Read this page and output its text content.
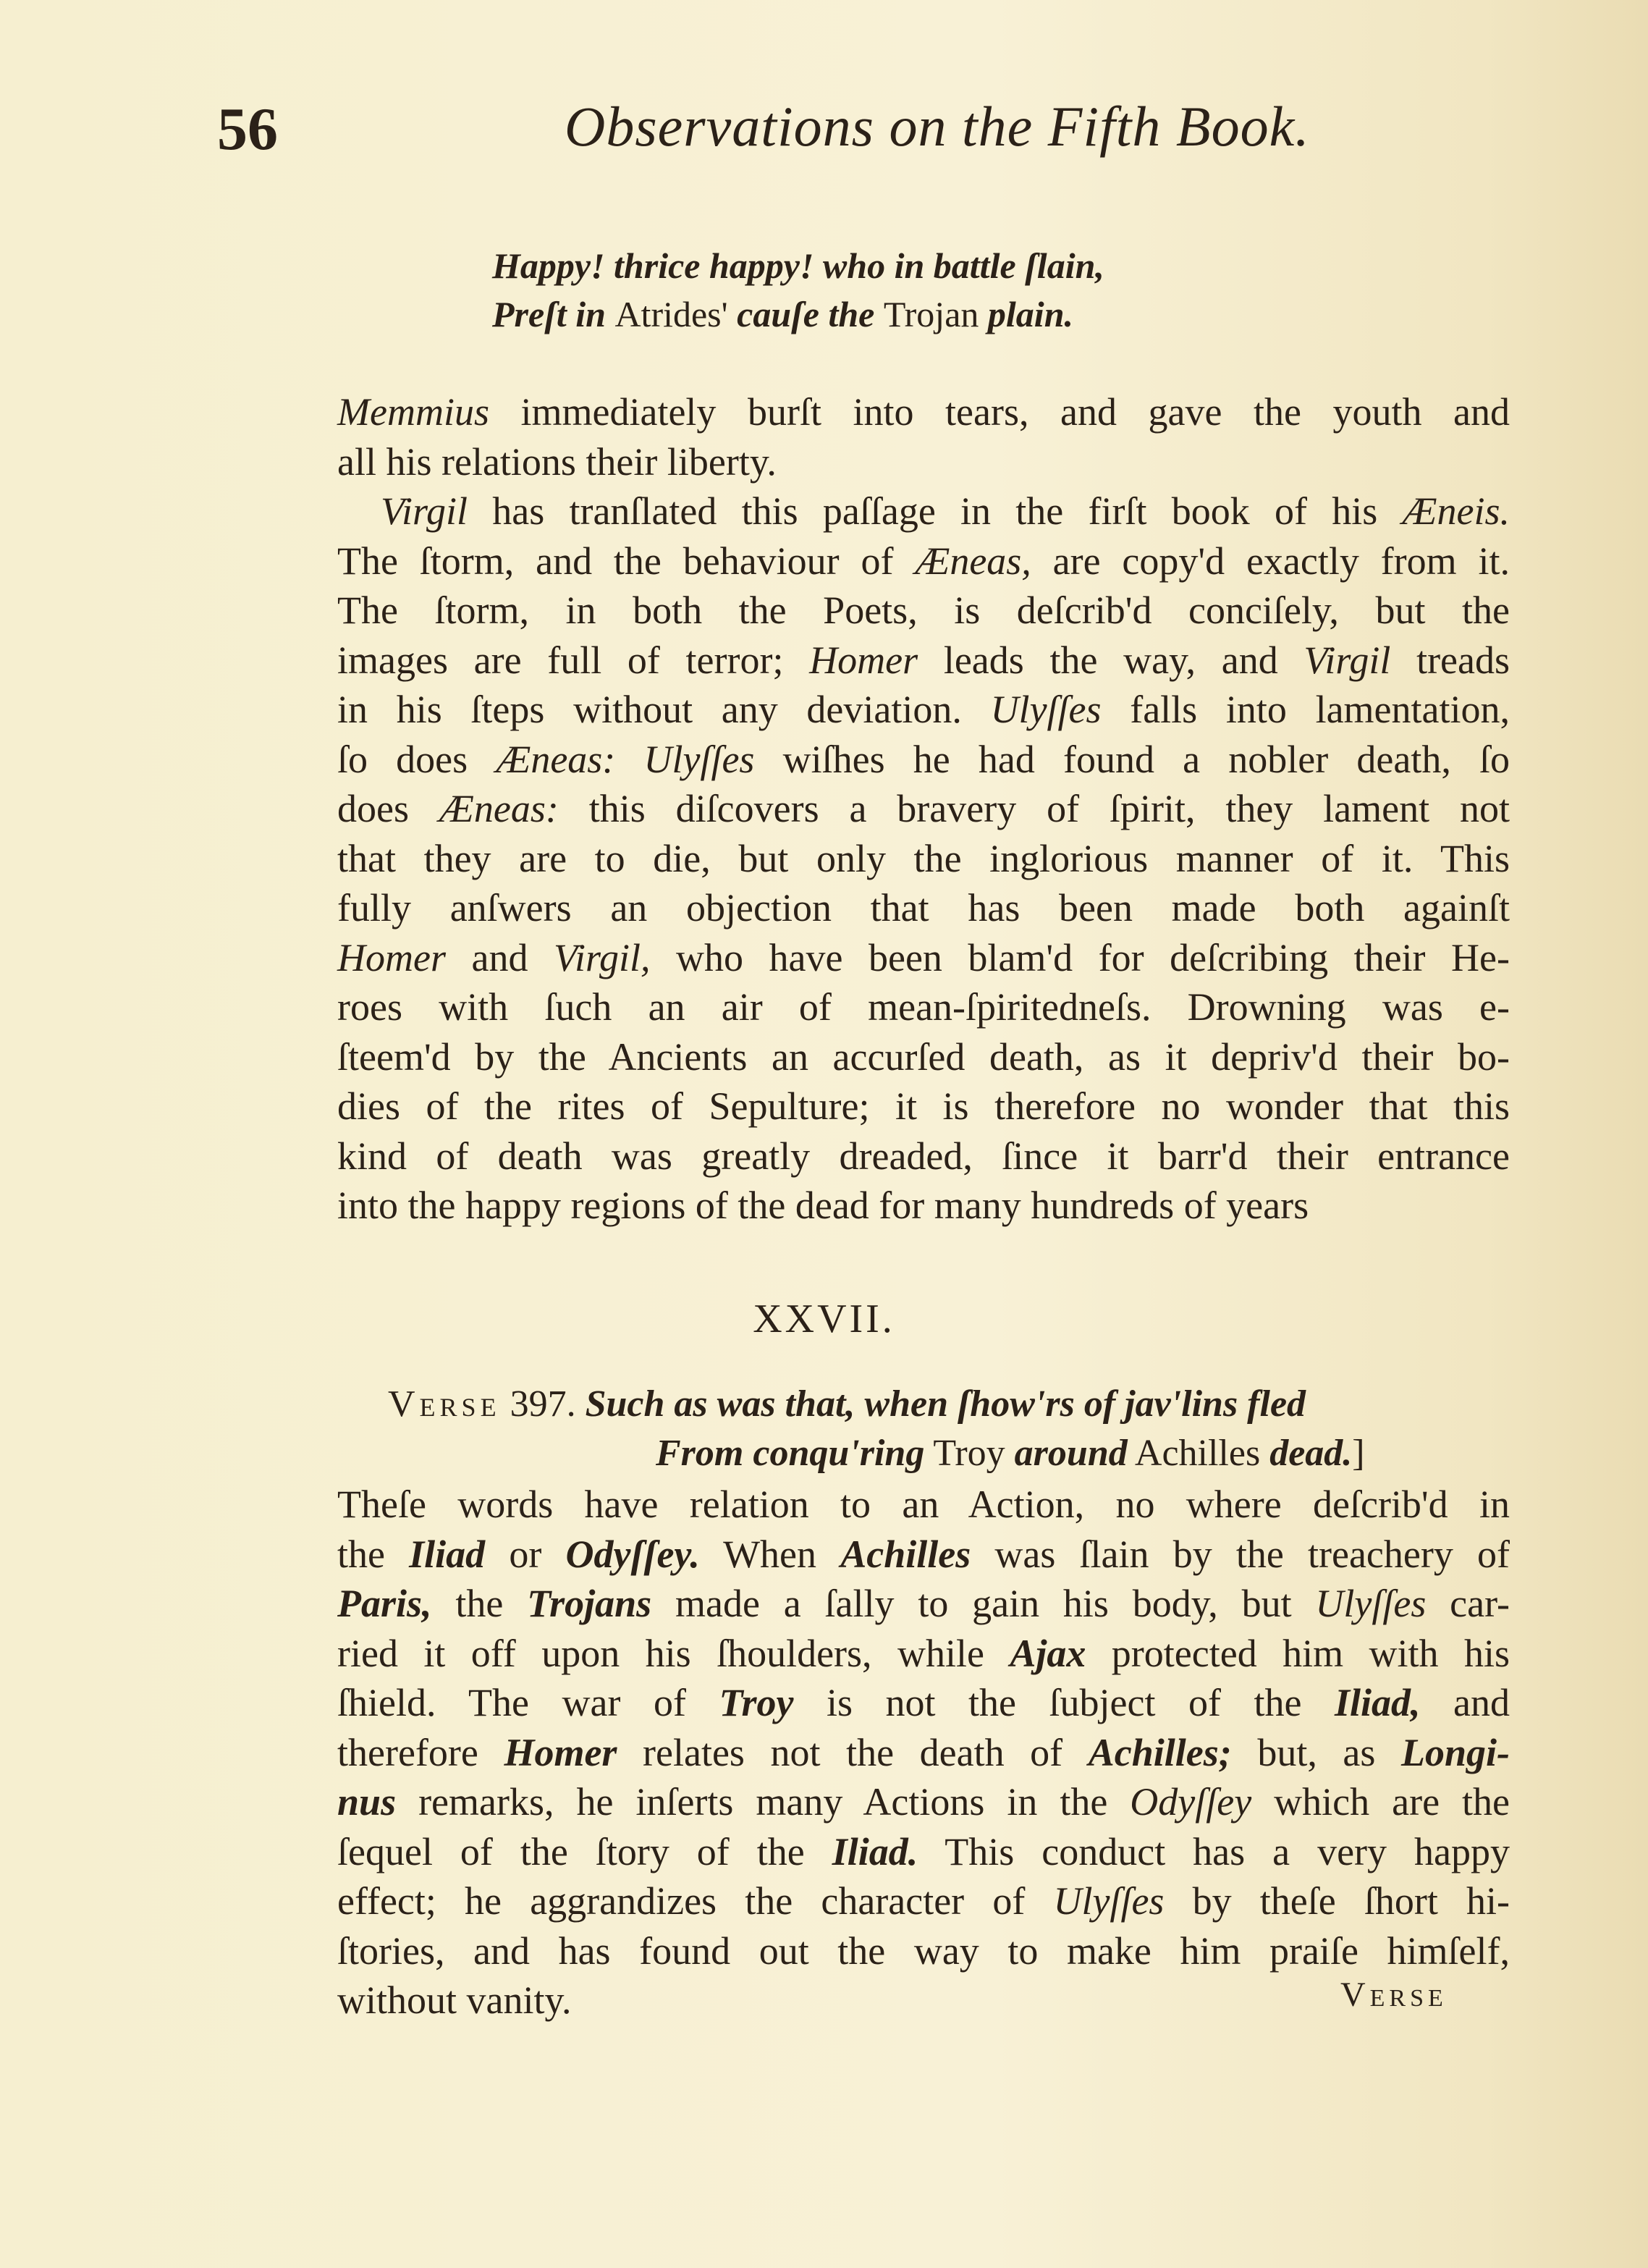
56	Observations on the Fifth Book.
Happy! thrice happy! who in battle ſlain,
Preſt in Atrides' cauſe the Trojan plain.
Memmius immediately burſt into tears, and gave the youth and
all his relations their liberty.
Virgil has tranſlated this paſſage in the firſt book of his Æneis.
The ſtorm, and the behaviour of Æneas, are copy'd exactly from it.
The ſtorm, in both the Poets, is deſcrib'd conciſely, but the
images are full of terror; Homer leads the way, and Virgil treads
in his ſteps without any deviation. Ulyſſes falls into lamentation,
ſo does Æneas: Ulyſſes wiſhes he had found a nobler death, ſo
does Æneas: this diſcovers a bravery of ſpirit, they lament not
that they are to die, but only the inglorious manner of it. This
fully anſwers an objection that has been made both againſt
Homer and Virgil, who have been blam'd for deſcribing their He-
roes with ſuch an air of mean-ſpiritedneſs. Drowning was e-
ſteem'd by the Ancients an accurſed death, as it depriv'd their bo-
dies of the rites of Sepulture; it is therefore no wonder that this
kind of death was greatly dreaded, ſince it barr'd their entrance
into the happy regions of the dead for many hundreds of years
XXVII.
Verse 397. Such as was that, when ſhow'rs of jav'lins fled
From conqu'ring Troy around Achilles dead.]
Theſe words have relation to an Action, no where deſcrib'd in
the Iliad or Odyſſey. When Achilles was ſlain by the treachery of
Paris, the Trojans made a ſally to gain his body, but Ulyſſes car-
ried it off upon his ſhoulders, while Ajax protected him with his
ſhield. The war of Troy is not the ſubject of the Iliad, and
therefore Homer relates not the death of Achilles; but, as Longi-
nus remarks, he inſerts many Actions in the Odyſſey which are the
ſequel of the ſtory of the Iliad. This conduct has a very happy
effect; he aggrandizes the character of Ulyſſes by theſe ſhort hi-
ſtories, and has found out the way to make him praiſe himſelf,
without vanity.	Verse
